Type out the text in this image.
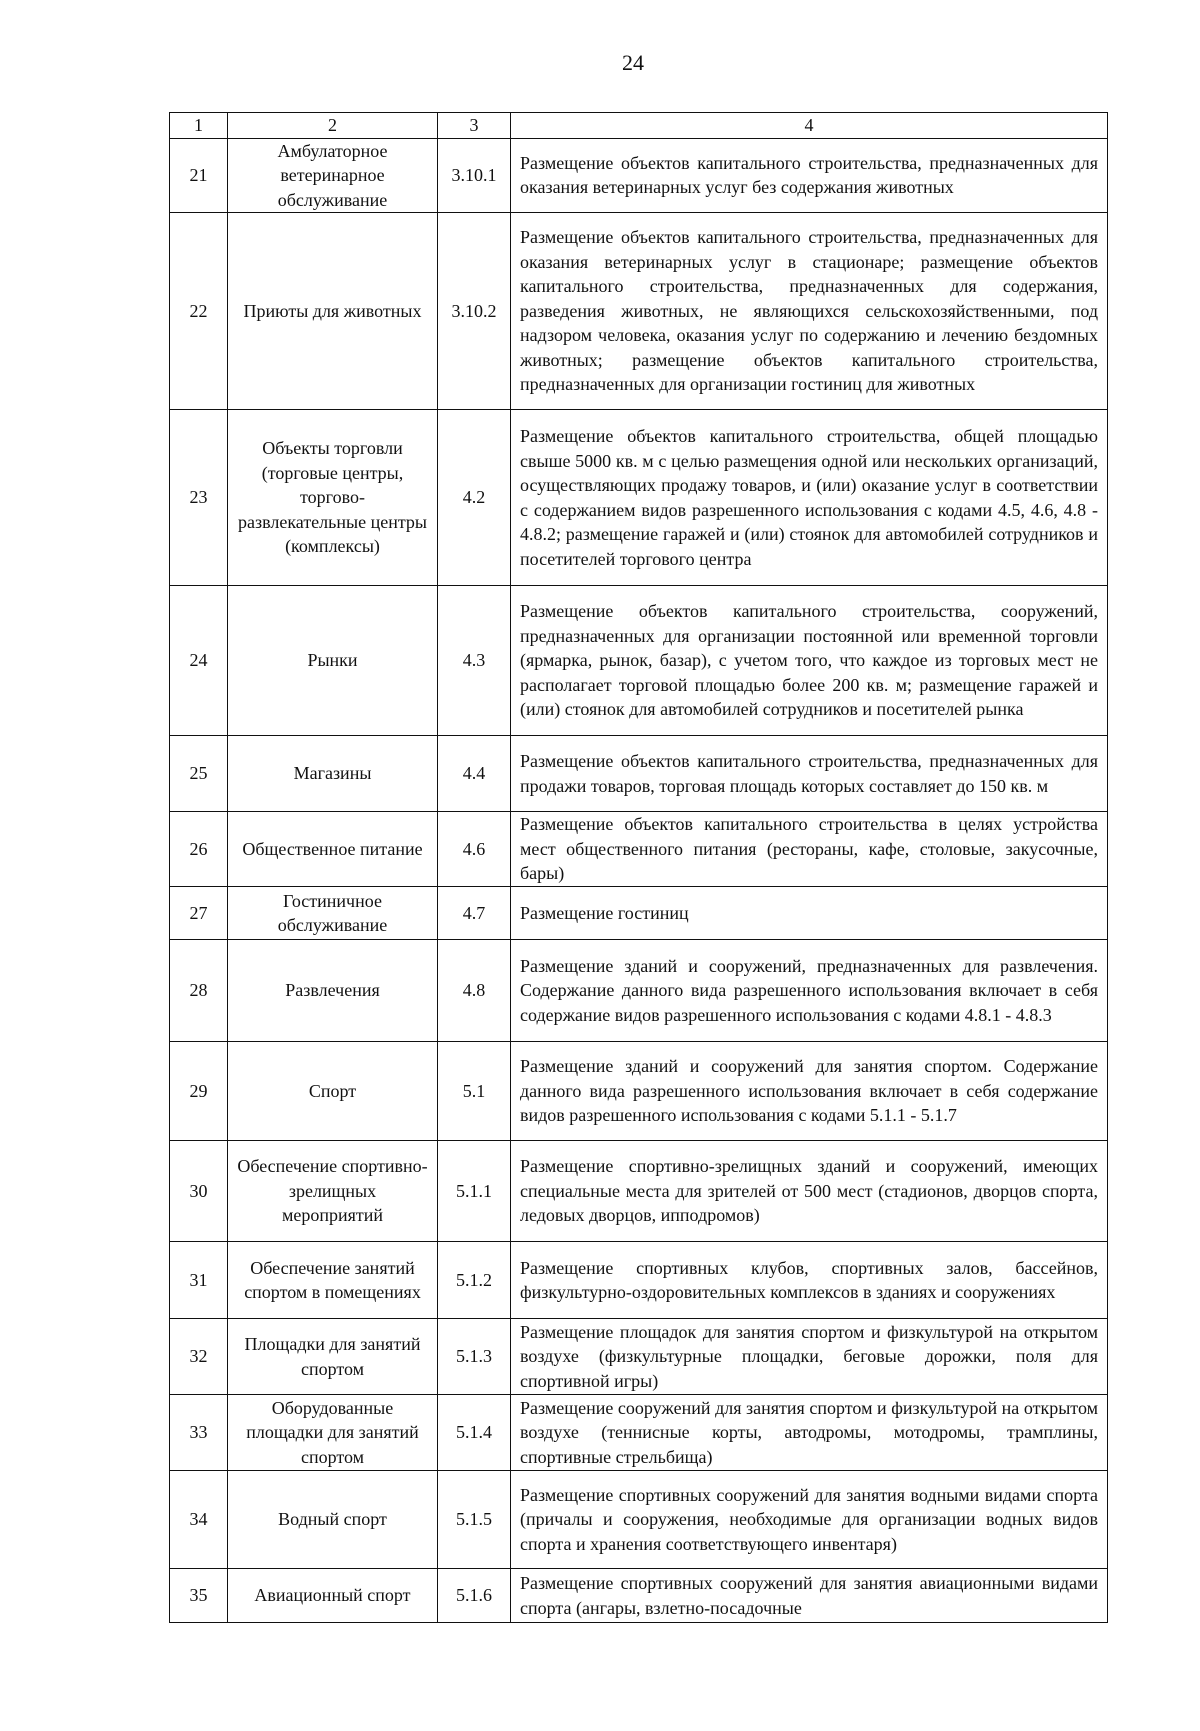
24
1	2	3	4
21	Амбулаторное ветеринарное обслуживание	3.10.1	Размещение объектов капитального строительства, предназначенных для оказания ветеринарных услуг без содержания животных
22	Приюты для животных	3.10.2	Размещение объектов капитального строительства, предназначенных для оказания ветеринарных услуг в стационаре; размещение объектов капитального строительства, предназначенных для содержания, разведения животных, не являющихся сельскохозяйственными, под надзором человека, оказания услуг по содержанию и лечению бездомных животных; размещение объектов капитального строительства, предназначенных для организации гостиниц для животных
23	Объекты торговли (торговые центры, торгово-развлекательные центры (комплексы)	4.2	Размещение объектов капитального строительства, общей площадью свыше 5000 кв. м с целью размещения одной или нескольких организаций, осуществляющих продажу товаров, и (или) оказание услуг в соответствии с содержанием видов разрешенного использования с кодами 4.5, 4.6, 4.8 - 4.8.2; размещение гаражей и (или) стоянок для автомобилей сотрудников и посетителей торгового центра
24	Рынки	4.3	Размещение объектов капитального строительства, сооружений, предназначенных для организации постоянной или временной торговли (ярмарка, рынок, базар), с учетом того, что каждое из торговых мест не располагает торговой площадью более 200 кв. м; размещение гаражей и (или) стоянок для автомобилей сотрудников и посетителей рынка
25	Магазины	4.4	Размещение объектов капитального строительства, предназначенных для продажи товаров, торговая площадь которых составляет до 150 кв. м
26	Общественное питание	4.6	Размещение объектов капитального строительства в целях устройства мест общественного питания (рестораны, кафе, столовые, закусочные, бары)
27	Гостиничное обслуживание	4.7	Размещение гостиниц
28	Развлечения	4.8	Размещение зданий и сооружений, предназначенных для развлечения. Содержание данного вида разрешенного использования включает в себя содержание видов разрешенного использования с кодами 4.8.1 - 4.8.3
29	Спорт	5.1	Размещение зданий и сооружений для занятия спортом. Содержание данного вида разрешенного использования включает в себя содержание видов разрешенного использования с кодами 5.1.1 - 5.1.7
30	Обеспечение спортивно-зрелищных мероприятий	5.1.1	Размещение спортивно-зрелищных зданий и сооружений, имеющих специальные места для зрителей от 500 мест (стадионов, дворцов спорта, ледовых дворцов, ипподромов)
31	Обеспечение занятий спортом в помещениях	5.1.2	Размещение спортивных клубов, спортивных залов, бассейнов, физкультурно-оздоровительных комплексов в зданиях и сооружениях
32	Площадки для занятий спортом	5.1.3	Размещение площадок для занятия спортом и физкультурой на открытом воздухе (физкультурные площадки, беговые дорожки, поля для спортивной игры)
33	Оборудованные площадки для занятий спортом	5.1.4	Размещение сооружений для занятия спортом и физкультурой на открытом воздухе (теннисные корты, автодромы, мотодромы, трамплины, спортивные стрельбища)
34	Водный спорт	5.1.5	Размещение спортивных сооружений для занятия водными видами спорта (причалы и сооружения, необходимые для организации водных видов спорта и хранения соответствующего инвентаря)
35	Авиационный спорт	5.1.6	Размещение спортивных сооружений для занятия авиационными видами спорта (ангары, взлетно-посадочные
